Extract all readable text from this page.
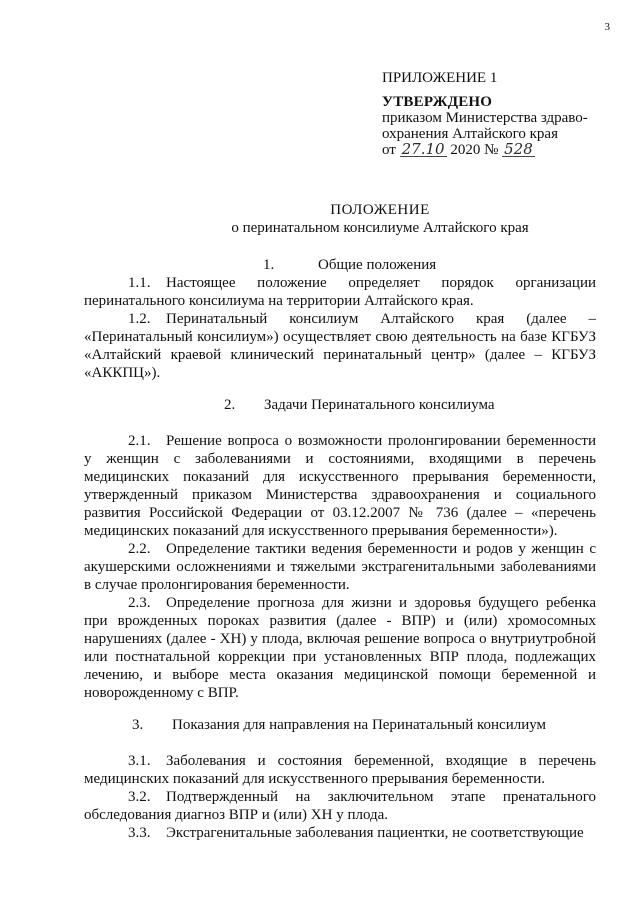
3
ПРИЛОЖЕНИЕ 1
УТВЕРЖДЕНО
приказом Министерства здраво-
охранения Алтайского края
от 27.10 2020 № 528
ПОЛОЖЕНИЕ
о перинатальном консилиуме Алтайского края
1.	Общие положения

1.1. Настоящее положение определяет порядок организации перинатального консилиума на территории Алтайского края.

1.2. Перинатальный консилиум Алтайского края (далее – «Перинатальный консилиум») осуществляет свою деятельность на базе КГБУЗ «Алтайский краевой клинический перинатальный центр» (далее – КГБУЗ «АККПЦ»).

2. Задачи Перинатального консилиума

2.1. Решение вопроса о возможности пролонгировании беременности у женщин с заболеваниями и состояниями, входящими в перечень медицинских показаний для искусственного прерывания беременности, утвержденный приказом Министерства здравоохранения и социального развития Российской Федерации от 03.12.2007 № 736 (далее – «перечень медицинских показаний для искусственного прерывания беременности»).

2.2. Определение тактики ведения беременности и родов у женщин с акушерскими осложнениями и тяжелыми экстрагенитальными заболеваниями в случае пролонгирования беременности.

2.3. Определение прогноза для жизни и здоровья будущего ребенка при врожденных пороках развития (далее - ВПР) и (или) хромосомных нарушениях (далее - ХН) у плода, включая решение вопроса о внутриутробной или постнатальной коррекции при установленных ВПР плода, подлежащих лечению, и выборе места оказания медицинской помощи беременной и новорожденному с ВПР.

3. Показания для направления на Перинатальный консилиум

3.1. Заболевания и состояния беременной, входящие в перечень медицинских показаний для искусственного прерывания беременности.

3.2. Подтвержденный на заключительном этапе пренатального обследования диагноз ВПР и (или) ХН у плода.

3.3. Экстрагенитальные заболевания пациентки, не соответствующие
